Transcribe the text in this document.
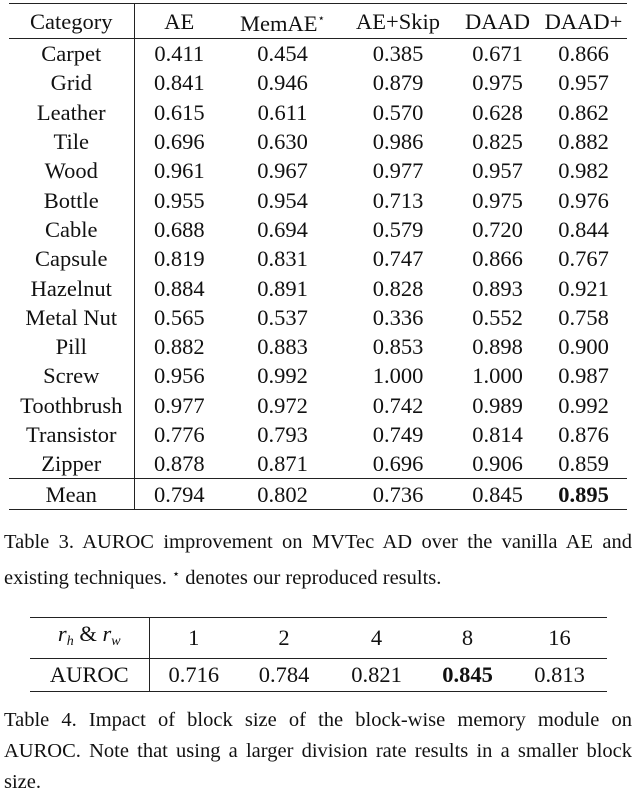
Category	AE	MemAE⋆	AE+Skip	DAAD	DAAD+
Carpet	0.411	0.454	0.385	0.671	0.866
Grid	0.841	0.946	0.879	0.975	0.957
Leather	0.615	0.611	0.570	0.628	0.862
Tile	0.696	0.630	0.986	0.825	0.882
Wood	0.961	0.967	0.977	0.957	0.982
Bottle	0.955	0.954	0.713	0.975	0.976
Cable	0.688	0.694	0.579	0.720	0.844
Capsule	0.819	0.831	0.747	0.866	0.767
Hazelnut	0.884	0.891	0.828	0.893	0.921
Metal Nut	0.565	0.537	0.336	0.552	0.758
Pill	0.882	0.883	0.853	0.898	0.900
Screw	0.956	0.992	1.000	1.000	0.987
Toothbrush	0.977	0.972	0.742	0.989	0.992
Transistor	0.776	0.793	0.749	0.814	0.876
Zipper	0.878	0.871	0.696	0.906	0.859
Mean	0.794	0.802	0.736	0.845	0.895
Table 3. AUROC improvement on MVTec AD over the vanilla AE and existing techniques. ⋆ denotes our reproduced results.
$r_h$ & $r_w$	1	2	4	8	16
AUROC	0.716	0.784	0.821	0.845	0.813
Table 4. Impact of block size of the block-wise memory module on AUROC. Note that using a larger division rate results in a smaller block size.
